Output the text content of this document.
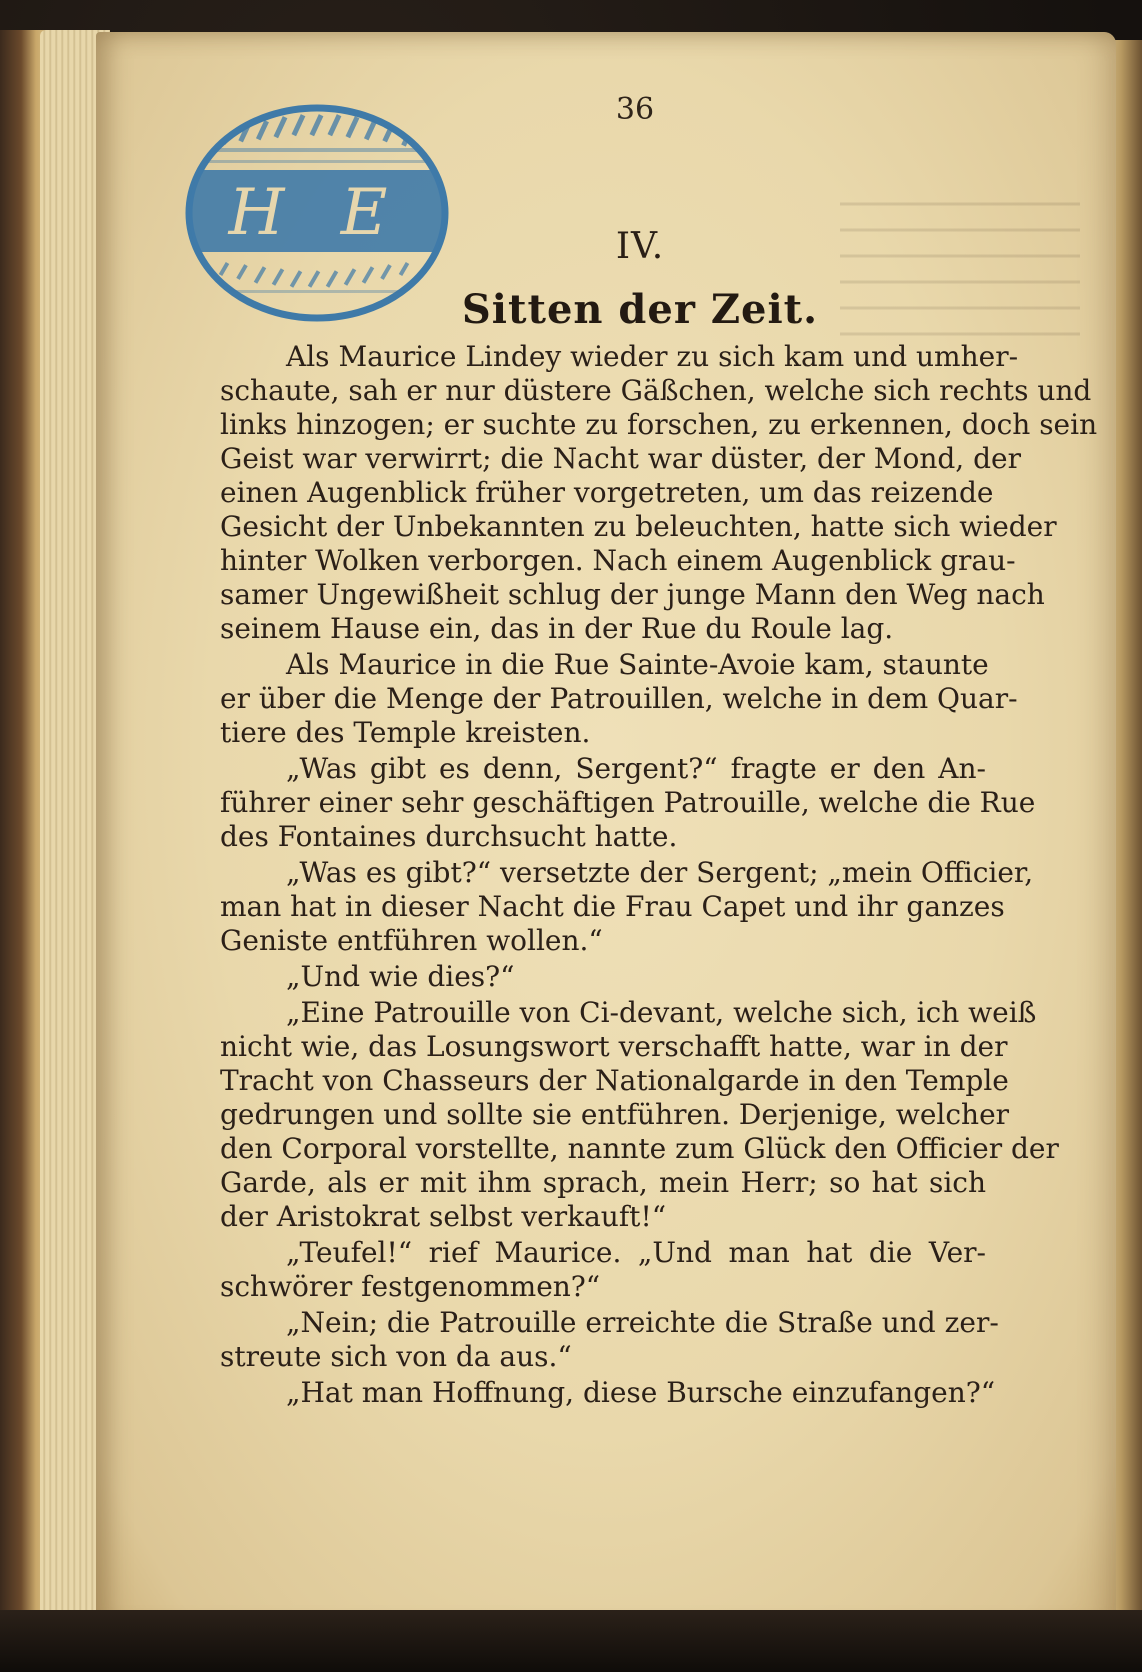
36
H E	IV.
Sitten der Zeit.
Als Maurice Lindey wieder zu sich kam und umher-
schaute, sah er nur düstere Gäßchen, welche sich rechts und
links hinzogen; er suchte zu forschen, zu erkennen, doch sein
Geist war verwirrt; die Nacht war düster, der Mond, der
einen Augenblick früher vorgetreten, um das reizende
Gesicht der Unbekannten zu beleuchten, hatte sich wieder
hinter Wolken verborgen. Nach einem Augenblick grau-
samer Ungewißheit schlug der junge Mann den Weg nach
seinem Hause ein, das in der Rue du Roule lag.
Als Maurice in die Rue Sainte-Avoie kam, staunte
er über die Menge der Patrouillen, welche in dem Quar-
tiere des Temple kreisten.
„Was gibt es denn, Sergent?“ fragte er den An-
führer einer sehr geschäftigen Patrouille, welche die Rue
des Fontaines durchsucht hatte.
„Was es gibt?“ versetzte der Sergent; „mein Officier,
man hat in dieser Nacht die Frau Capet und ihr ganzes
Geniste entführen wollen.“
„Und wie dies?“
„Eine Patrouille von Ci-devant, welche sich, ich weiß
nicht wie, das Losungswort verschafft hatte, war in der
Tracht von Chasseurs der Nationalgarde in den Temple
gedrungen und sollte sie entführen. Derjenige, welcher
den Corporal vorstellte, nannte zum Glück den Officier der
Garde, als er mit ihm sprach, mein Herr; so hat sich
der Aristokrat selbst verkauft!“
„Teufel!“ rief Maurice. „Und man hat die Ver-
schwörer festgenommen?“
„Nein; die Patrouille erreichte die Straße und zer-
streute sich von da aus.“
„Hat man Hoffnung, diese Bursche einzufangen?“
